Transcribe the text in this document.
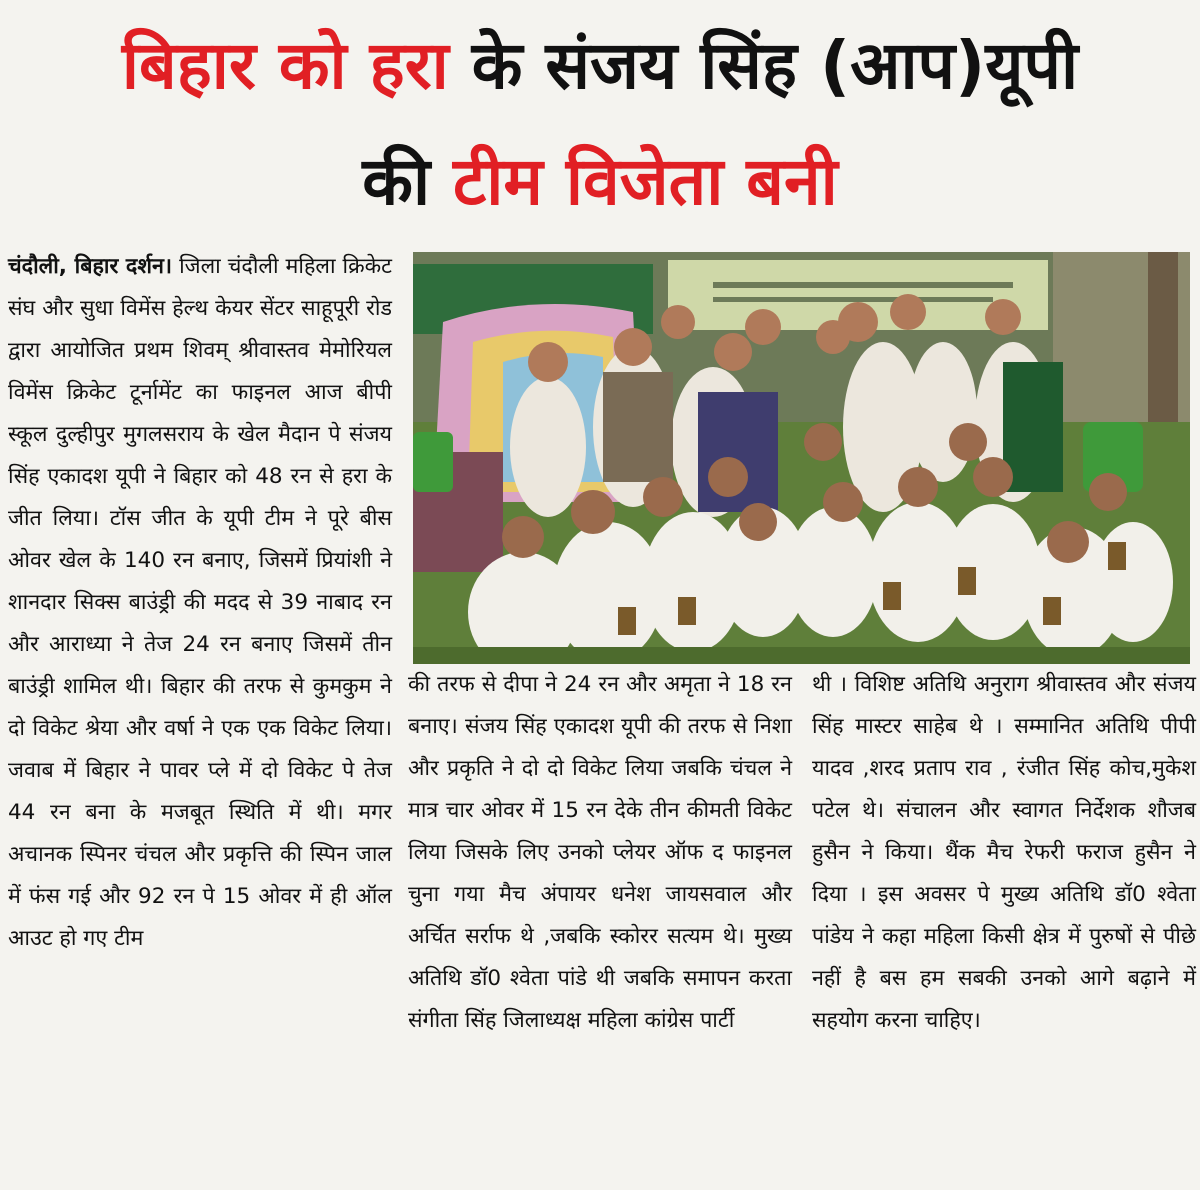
बिहार को हरा के संजय सिंह (आप)यूपी
की टीम विजेता बनी
चंदौली, बिहार दर्शन। जिला चंदौली महिला क्रिकेट संघ और सुधा विमेंस हेल्थ केयर सेंटर साहूपूरी रोड द्वारा आयोजित प्रथम शिवम् श्रीवास्तव मेमोरियल विमेंस क्रिकेट टूर्नामेंट का फाइनल आज बीपी स्कूल दुल्हीपुर मुगलसराय के खेल मैदान पे संजय सिंह एकादश यूपी ने बिहार को 48 रन से हरा के जीत लिया। टॉस जीत के यूपी टीम ने पूरे बीस ओवर खेल के 140 रन बनाए, जिसमें प्रियांशी ने शानदार सिक्स बाउंड्री की मदद से 39 नाबाद रन और आराध्या ने तेज 24 रन बनाए जिसमें तीन बाउंड्री शामिल थी। बिहार की तरफ से कुमकुम ने दो विकेट श्रेया और वर्षा ने एक एक विकेट लिया। जवाब में बिहार ने पावर प्ले में दो विकेट पे तेज 44 रन बना के मजबूत स्थिति में थी। मगर अचानक स्पिनर चंचल और प्रकृत्ति की स्पिन जाल में फंस गई और 92 रन पे 15 ओवर में ही ऑल आउट हो गए टीम
की तरफ से दीपा ने 24 रन और अमृता ने 18 रन बनाए। संजय सिंह एकादश यूपी की तरफ से निशा और प्रकृति ने दो दो विकेट लिया जबकि चंचल ने मात्र चार ओवर में 15 रन देके तीन कीमती विकेट लिया जिसके लिए उनको प्लेयर ऑफ द फाइनल चुना गया मैच अंपायर धनेश जायसवाल और अर्चित सर्राफ थे ,जबकि स्कोरर सत्यम थे। मुख्य अतिथि डॉ0 श्वेता पांडे थी जबकि समापन करता संगीता सिंह जिलाध्यक्ष महिला कांग्रेस पार्टी
थी । विशिष्ट अतिथि अनुराग श्रीवास्तव और संजय सिंह मास्टर साहेब थे । सम्मानित अतिथि पीपी यादव ,शरद प्रताप राव , रंजीत सिंह कोच,मुकेश पटेल थे। संचालन और स्वागत निर्देशक शौजब हुसैन ने किया। थैंक मैच रेफरी फराज हुसैन ने दिया । इस अवसर पे मुख्य अतिथि डॉ0 श्वेता पांडेय ने कहा महिला किसी क्षेत्र में पुरुषों से पीछे नहीं है बस हम सबकी उनको आगे बढ़ाने में सहयोग करना चाहिए।
